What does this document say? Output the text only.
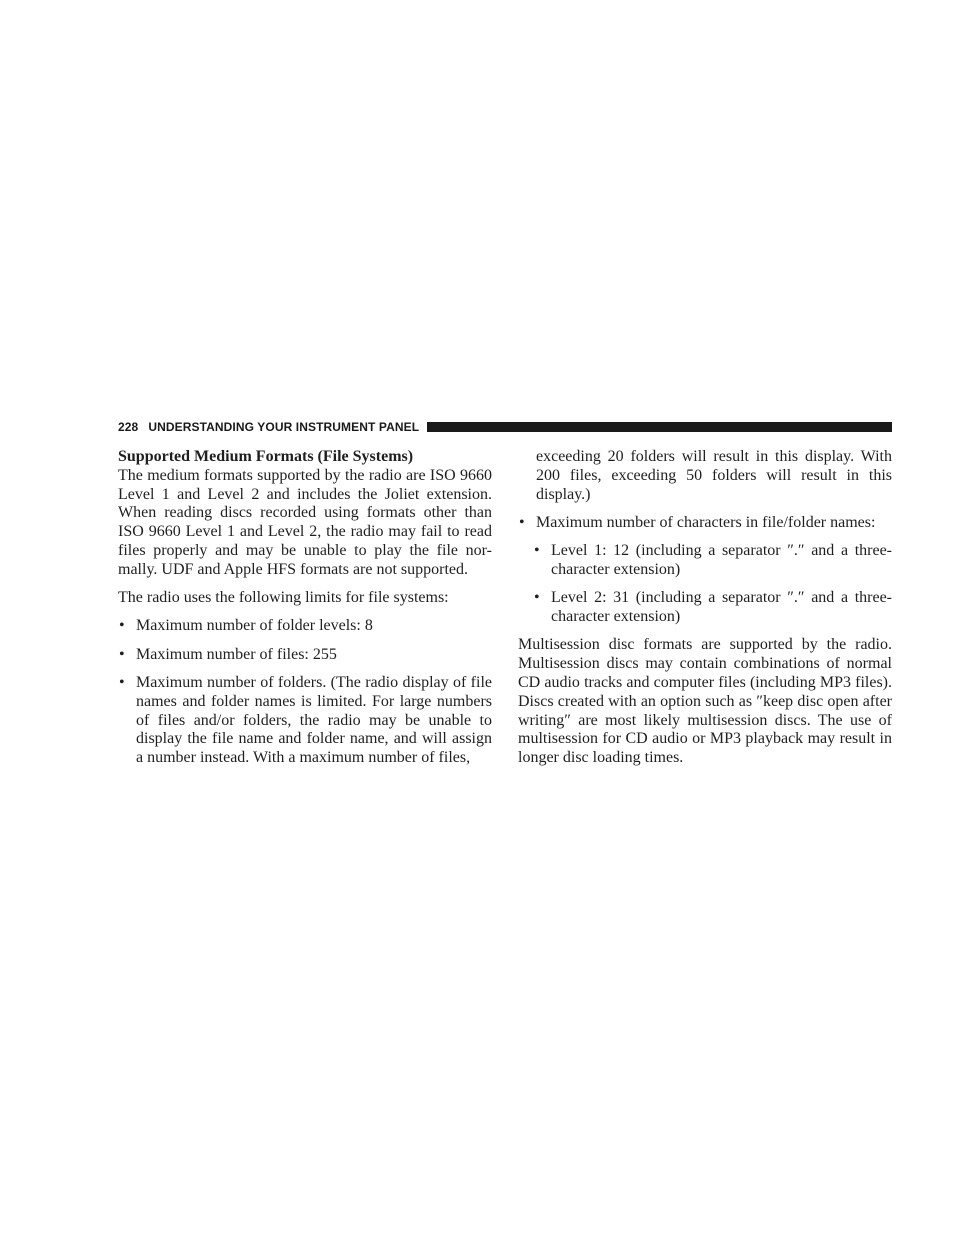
228 UNDERSTANDING YOUR INSTRUMENT PANEL

Supported Medium Formats (File Systems)

The medium formats supported by the radio are ISO 9660 Level 1 and Level 2 and includes the Joliet extension. When reading discs recorded using formats other than ISO 9660 Level 1 and Level 2, the radio may fail to read files properly and may be unable to play the file nor-mally. UDF and Apple HFS formats are not supported.

The radio uses the following limits for file systems:

• Maximum number of folder levels: 8
• Maximum number of files: 255
• Maximum number of folders. (The radio display of file names and folder names is limited. For large numbers of files and/or folders, the radio may be unable to display the file name and folder name, and will assign a number instead. With a maximum number of files,

exceeding 20 folders will result in this display. With 200 files, exceeding 50 folders will result in this display.)

• Maximum number of characters in file/folder names:
• Level 1: 12 (including a separator ″.″ and a three-character extension)
• Level 2: 31 (including a separator ″.″ and a three-character extension)

Multisession disc formats are supported by the radio. Multisession discs may contain combinations of normal CD audio tracks and computer files (including MP3 files). Discs created with an option such as ″keep disc open after writing″ are most likely multisession discs. The use of multisession for CD audio or MP3 playback may result in longer disc loading times.
